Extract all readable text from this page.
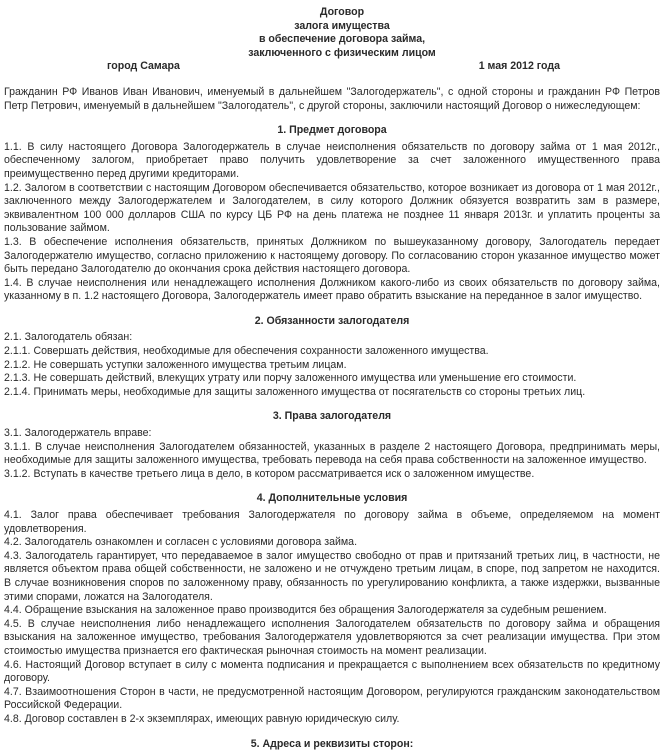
Договор
залога имущества
в обеспечение договора займа,
заключенного с физическим лицом
город Самара	1 мая 2012 года

Гражданин РФ Иванов Иван Иванович, именуемый в дальнейшем "Залогодержатель", с одной стороны и гражданин РФ Петров Петр Петрович, именуемый в дальнейшем "Залогодатель", с другой стороны, заключили настоящий Договор о нижеследующем:

1. Предмет договора

1.1. В силу настоящего Договора Залогодержатель в случае неисполнения обязательств по договору займа от 1 мая 2012г., обеспеченному залогом, приобретает право получить удовлетворение за счет заложенного имущественного права преимущественно перед другими кредиторами.

1.2. Залогом в соответствии с настоящим Договором обеспечивается обязательство, которое возникает из договора от 1 мая 2012г., заключенного между Залогодержателем и Залогодателем, в силу которого Должник обязуется возвратить зам в размере, эквивалентном 100 000 долларов США по курсу ЦБ РФ на день платежа не позднее 11 января 2013г. и уплатить проценты за пользование займом.

1.3. В обеспечение исполнения обязательств, принятых Должником по вышеуказанному договору, Залогодатель передает Залогодержателю имущество, согласно приложению к настоящему договору. По согласованию сторон указанное имущество может быть передано Залогодателю до окончания срока действия настоящего договора.

1.4. В случае неисполнения или ненадлежащего исполнения Должником какого-либо из своих обязательств по договору займа, указанному в п. 1.2 настоящего Договора, Залогодержатель имеет право обратить взыскание на переданное в залог имущество.

2. Обязанности залогодателя

2.1. Залогодатель обязан:

2.1.1. Совершать действия, необходимые для обеспечения сохранности заложенного имущества.

2.1.2. Не совершать уступки заложенного имущества третьим лицам.

2.1.3. Не совершать действий, влекущих утрату или порчу заложенного имущества или уменьшение его стоимости.

2.1.4. Принимать меры, необходимые для защиты заложенного имущества от посягательств со стороны третьих лиц.

3. Права залогодателя

3.1. Залогодержатель вправе:

3.1.1. В случае неисполнения Залогодателем обязанностей, указанных в разделе 2 настоящего Договора, предпринимать меры, необходимые для защиты заложенного имущества, требовать перевода на себя права собственности на заложенное имущество.

3.1.2. Вступать в качестве третьего лица в дело, в котором рассматривается иск о заложенном имуществе.

4. Дополнительные условия

4.1. Залог права обеспечивает требования Залогодержателя по договору займа в объеме, определяемом на момент удовлетворения.

4.2. Залогодатель ознакомлен и согласен с условиями договора займа.

4.3. Залогодатель гарантирует, что передаваемое в залог имущество свободно от прав и притязаний третьих лиц, в частности, не является объектом права общей собственности, не заложено и не отчуждено третьим лицам, в споре, под запретом не находится. В случае возникновения споров по заложенному праву, обязанность по урегулированию конфликта, а также издержки, вызванные этими спорами, ложатся на Залогодателя.

4.4. Обращение взыскания на заложенное право производится без обращения Залогодержателя за судебным решением.

4.5. В случае неисполнения либо ненадлежащего исполнения Залогодателем обязательств по договору займа и обращения взыскания на заложенное имущество, требования Залогодержателя удовлетворяются за счет реализации имущества. При этом стоимостью имущества признается его фактическая рыночная стоимость на момент реализации.

4.6. Настоящий Договор вступает в силу с момента подписания и прекращается с выполнением всех обязательств по кредитному договору.

4.7. Взаимоотношения Сторон в части, не предусмотренной настоящим Договором, регулируются гражданским законодательством Российской Федерации.

4.8. Договор составлен в 2-х экземплярах, имеющих равную юридическую силу.

5. Адреса и реквизиты сторон:
